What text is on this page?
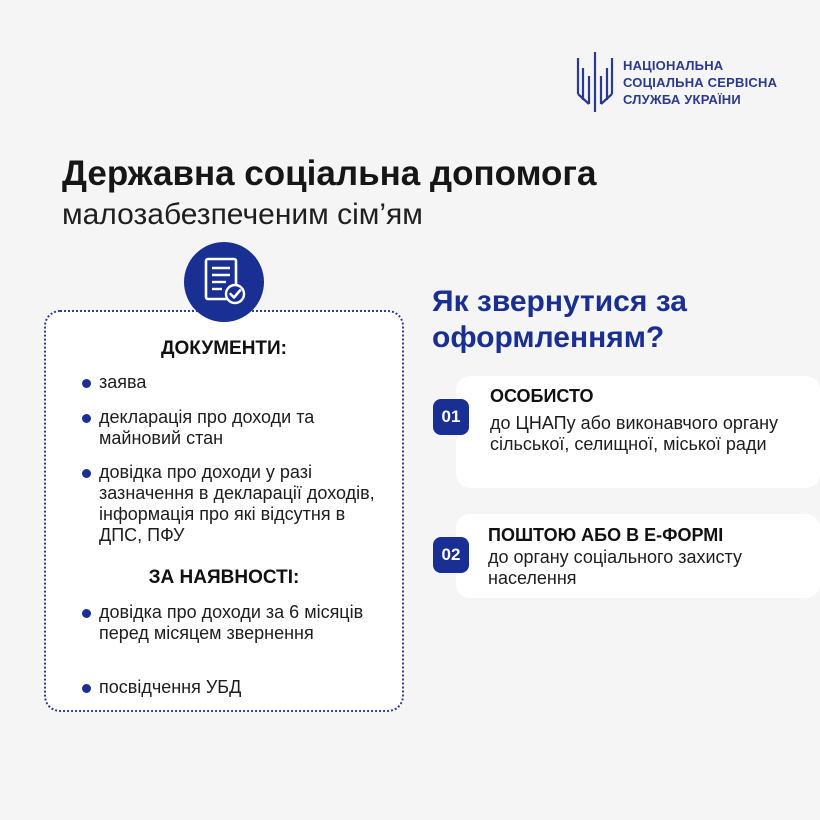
НАЦІОНАЛЬНА
СОЦІАЛЬНА СЕРВІСНА
СЛУЖБА УКРАЇНИ
Державна соціальна допомога
малозабезпеченим сім’ям
ДОКУМЕНТИ:
заява
декларація про доходи та майновий стан
довідка про доходи у разі зазначення в декларації доходів, інформація про які відсутня в ДПС, ПФУ
ЗА НАЯВНОСТІ:
довідка про доходи за 6 місяців перед місяцем звернення
посвідчення УБД
Як звернутися за
оформленням?
01
ОСОБИСТО
до ЦНАПу або виконавчого органу сільської, селищної, міської ради
02
ПОШТОЮ АБО В Е-ФОРМІ
до органу соціального захисту населення
